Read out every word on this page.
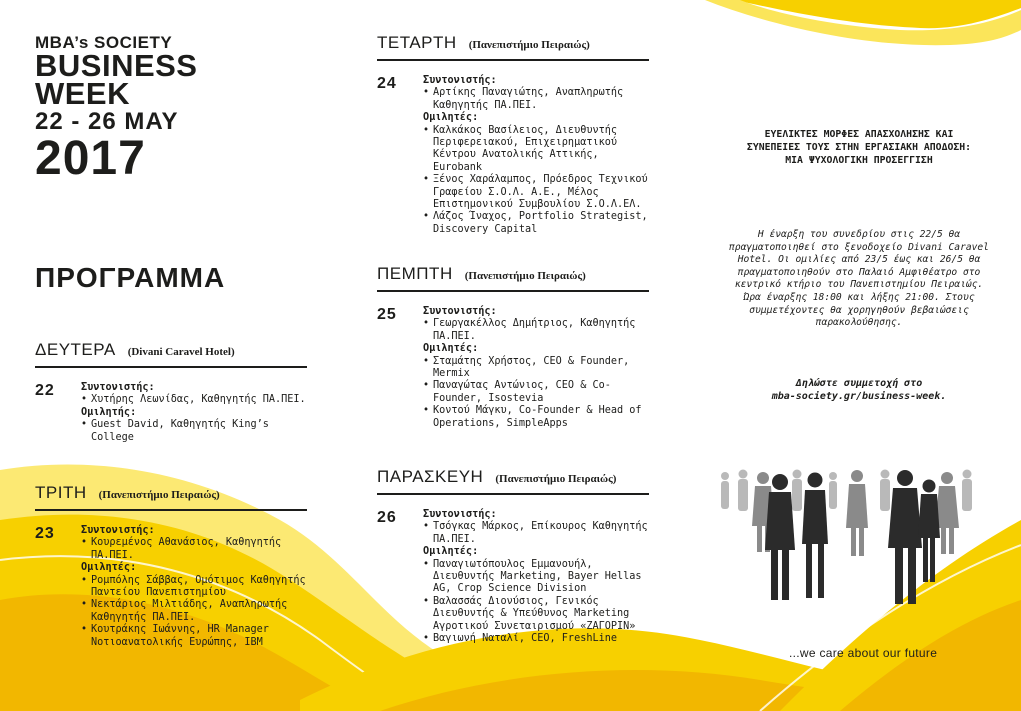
MBA’s SOCIETY
BUSINESS
WEEK
22 - 26 MAY
2017
ΠΡΟΓΡΑΜΜΑ
ΔΕΥΤΕΡΑ (Divani Caravel Hotel)
22	Συντονιστής:
• Χυτήρης Λεωνίδας, Καθηγητής ΠΑ.ΠΕΙ.
Ομιλητής:
• Guest David, Καθηγητής King’s College
ΤΡΙΤΗ (Πανεπιστήμιο Πειραιώς)
23	Συντονιστής:
• Κουρεμένος Αθανάσιος, Καθηγητής ΠΑ.ΠΕΙ.
Ομιλητές:
• Ρομπόλης Σάββας, Ομότιμος Καθηγητής Παντείου Πανεπιστημίου
• Νεκτάριος Μιλτιάδης, Αναπληρωτής Καθηγητής ΠΑ.ΠΕΙ.
• Κουτράκης Ιωάννης, HR Manager Νοτιοανατολικής Ευρώπης, IBM
ΤΕΤΑΡΤΗ (Πανεπιστήμιο Πειραιώς)
24	Συντονιστής:
• Αρτίκης Παναγιώτης, Αναπληρωτής Καθηγητής ΠΑ.ΠΕΙ.
Ομιλητές:
• Καλκάκος Βασίλειος, Διευθυντής Περιφερειακού, Επιχειρηματικού Κέντρου Ανατολικής Αττικής, Eurobank
• Ξένος Χαράλαμπος, Πρόεδρος Τεχνικού Γραφείου Σ.Ο.Λ. Α.Ε., Μέλος Επιστημονικού Συμβουλίου Σ.Ο.Λ.ΕΛ.
• Λάζος Ίναχος, Portfolio Strategist, Discovery Capital
ΠΕΜΠΤΗ (Πανεπιστήμιο Πειραιώς)
25	Συντονιστής:
• Γεωργακέλλος Δημήτριος, Καθηγητής ΠΑ.ΠΕΙ.
Ομιλητές:
• Σταμάτης Χρήστος, CEO & Founder, Mermix
• Παναγώτας Αντώνιος, CEO & Co-Founder, Isostevia
• Κοντού Μάγκυ, Co-Founder & Head of Operations, SimpleApps
ΠΑΡΑΣΚΕΥΗ (Πανεπιστήμιο Πειραιώς)
26	Συντονιστής:
• Τσόγκας Μάρκος, Επίκουρος Καθηγητής ΠΑ.ΠΕΙ.
Ομιλητές:
• Παναγιωτόπουλος Εμμανουήλ, Διευθυντής Marketing, Bayer Hellas AG, Crop Science Division
• Βαλασσάς Διονύσιος, Γενικός Διευθυντής & Υπεύθυνος Marketing Αγροτικού Συνεταιρισμού «ΖΑΓΟΡΙΝ»
• Βαγιωνή Ναταλί, CEO, FreshLine
ΕΥΕΛΙΚΤΕΣ ΜΟΡΦΕΣ ΑΠΑΣΧΟΛΗΣΗΣ ΚΑΙ
ΣΥΝΕΠΕΙΕΣ ΤΟΥΣ ΣΤΗΝ ΕΡΓΑΣΙΑΚΗ ΑΠΟΔΟΣΗ:
ΜΙΑ ΨΥΧΟΛΟΓΙΚΗ ΠΡΟΣΕΓΓΙΣΗ
Η έναρξη του συνεδρίου στις 22/5 θα πραγματοποιηθεί στο ξενοδοχείο Divani Caravel Hotel. Οι ομιλίες από 23/5 έως και 26/5 θα πραγματοποιηθούν στο Παλαιό Αμφιθέατρο στο κεντρικό κτήριο του Πανεπιστημίου Πειραιώς. Ώρα έναρξης 18:00 και λήξης 21:00. Στους συμμετέχοντες θα χορηγηθούν βεβαιώσεις παρακολούθησης.
Δηλώστε συμμετοχή στο
mba-society.gr/business-week.
...we care about our future
